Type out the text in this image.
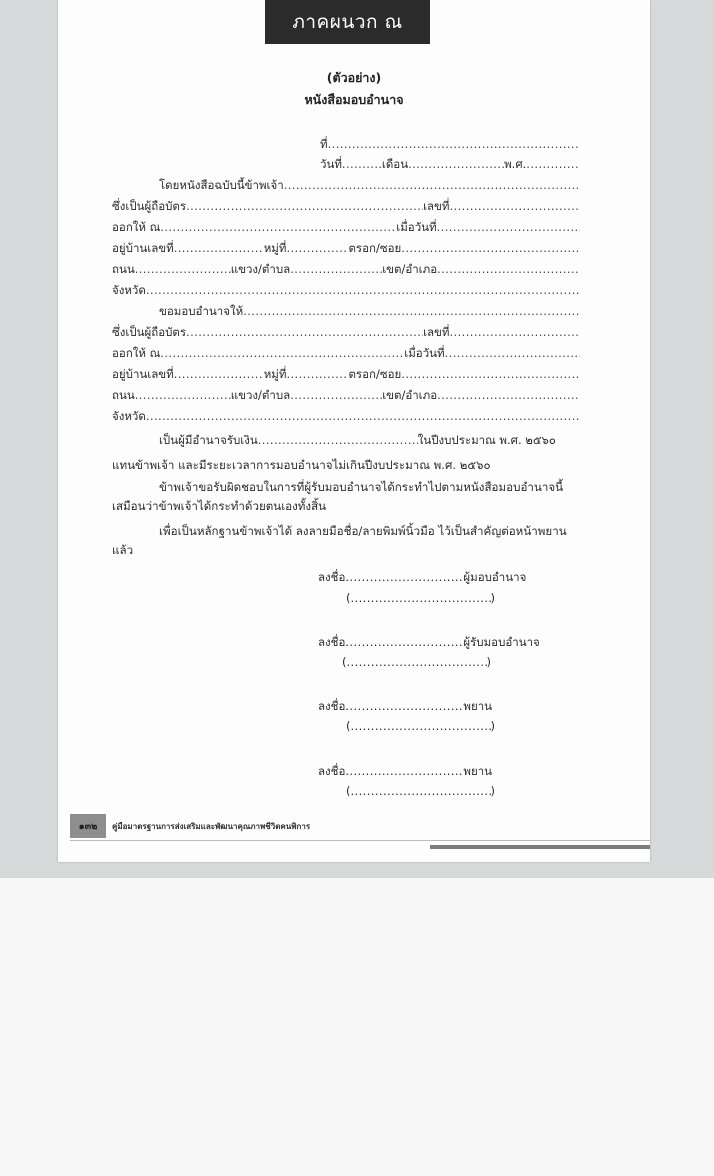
ภาคผนวก ณ
(ตัวอย่าง)
หนังสือมอบอำนาจ
ที่
.....
วันที่ .....	เดือน .....	พ.ศ.
.....
โดยหนังสือฉบับนี้ข้าพเจ้า
.....
ซึ่งเป็นผู้ถือบัตร .....	เลขที่
.....
ออกให้ ณ .....	เมื่อวันที่
.....
อยู่บ้านเลขที่ .....	หมู่ที่ .....	ตรอก/ซอย
.....
ถนน .....	แขวง/ตำบล .....	เขต/อำเภอ
.....
จังหวัด
.....
ขอมอบอำนาจให้
.....
ซึ่งเป็นผู้ถือบัตร .....	เลขที่
.....
ออกให้ ณ .....	เมื่อวันที่
.....
อยู่บ้านเลขที่ .....	หมู่ที่ .....	ตรอก/ซอย
.....
ถนน .....	แขวง/ตำบล .....	เขต/อำเภอ
.....
จังหวัด
.....
เป็นผู้มีอำนาจรับเงิน .....	ในปีงบประมาณ พ.ศ. ๒๕๖๐
แทนข้าพเจ้า และมีระยะเวลาการมอบอำนาจไม่เกินปีงบประมาณ พ.ศ. ๒๕๖๐
ข้าพเจ้าขอรับผิดชอบในการที่ผู้รับมอบอำนาจได้กระทำไปตามหนังสือมอบอำนาจนี้ เสมือนว่าข้าพเจ้าได้กระทำด้วยตนเองทั้งสิ้น
เพื่อเป็นหลักฐานข้าพเจ้าได้ ลงลายมือชื่อ/ลายพิมพ์นิ้วมือ ไว้เป็นสำคัญต่อหน้าพยานแล้ว
ลงชื่อ .....	ผู้มอบอำนาจ
( .....	)
ลงชื่อ .....	ผู้รับมอบอำนาจ
( .....	)
ลงชื่อ .....	พยาน
( .....	)
ลงชื่อ .....	พยาน
( .....	)
๑๓๒ คู่มือมาตรฐานการส่งเสริมและพัฒนาคุณภาพชีวิตคนพิการ
